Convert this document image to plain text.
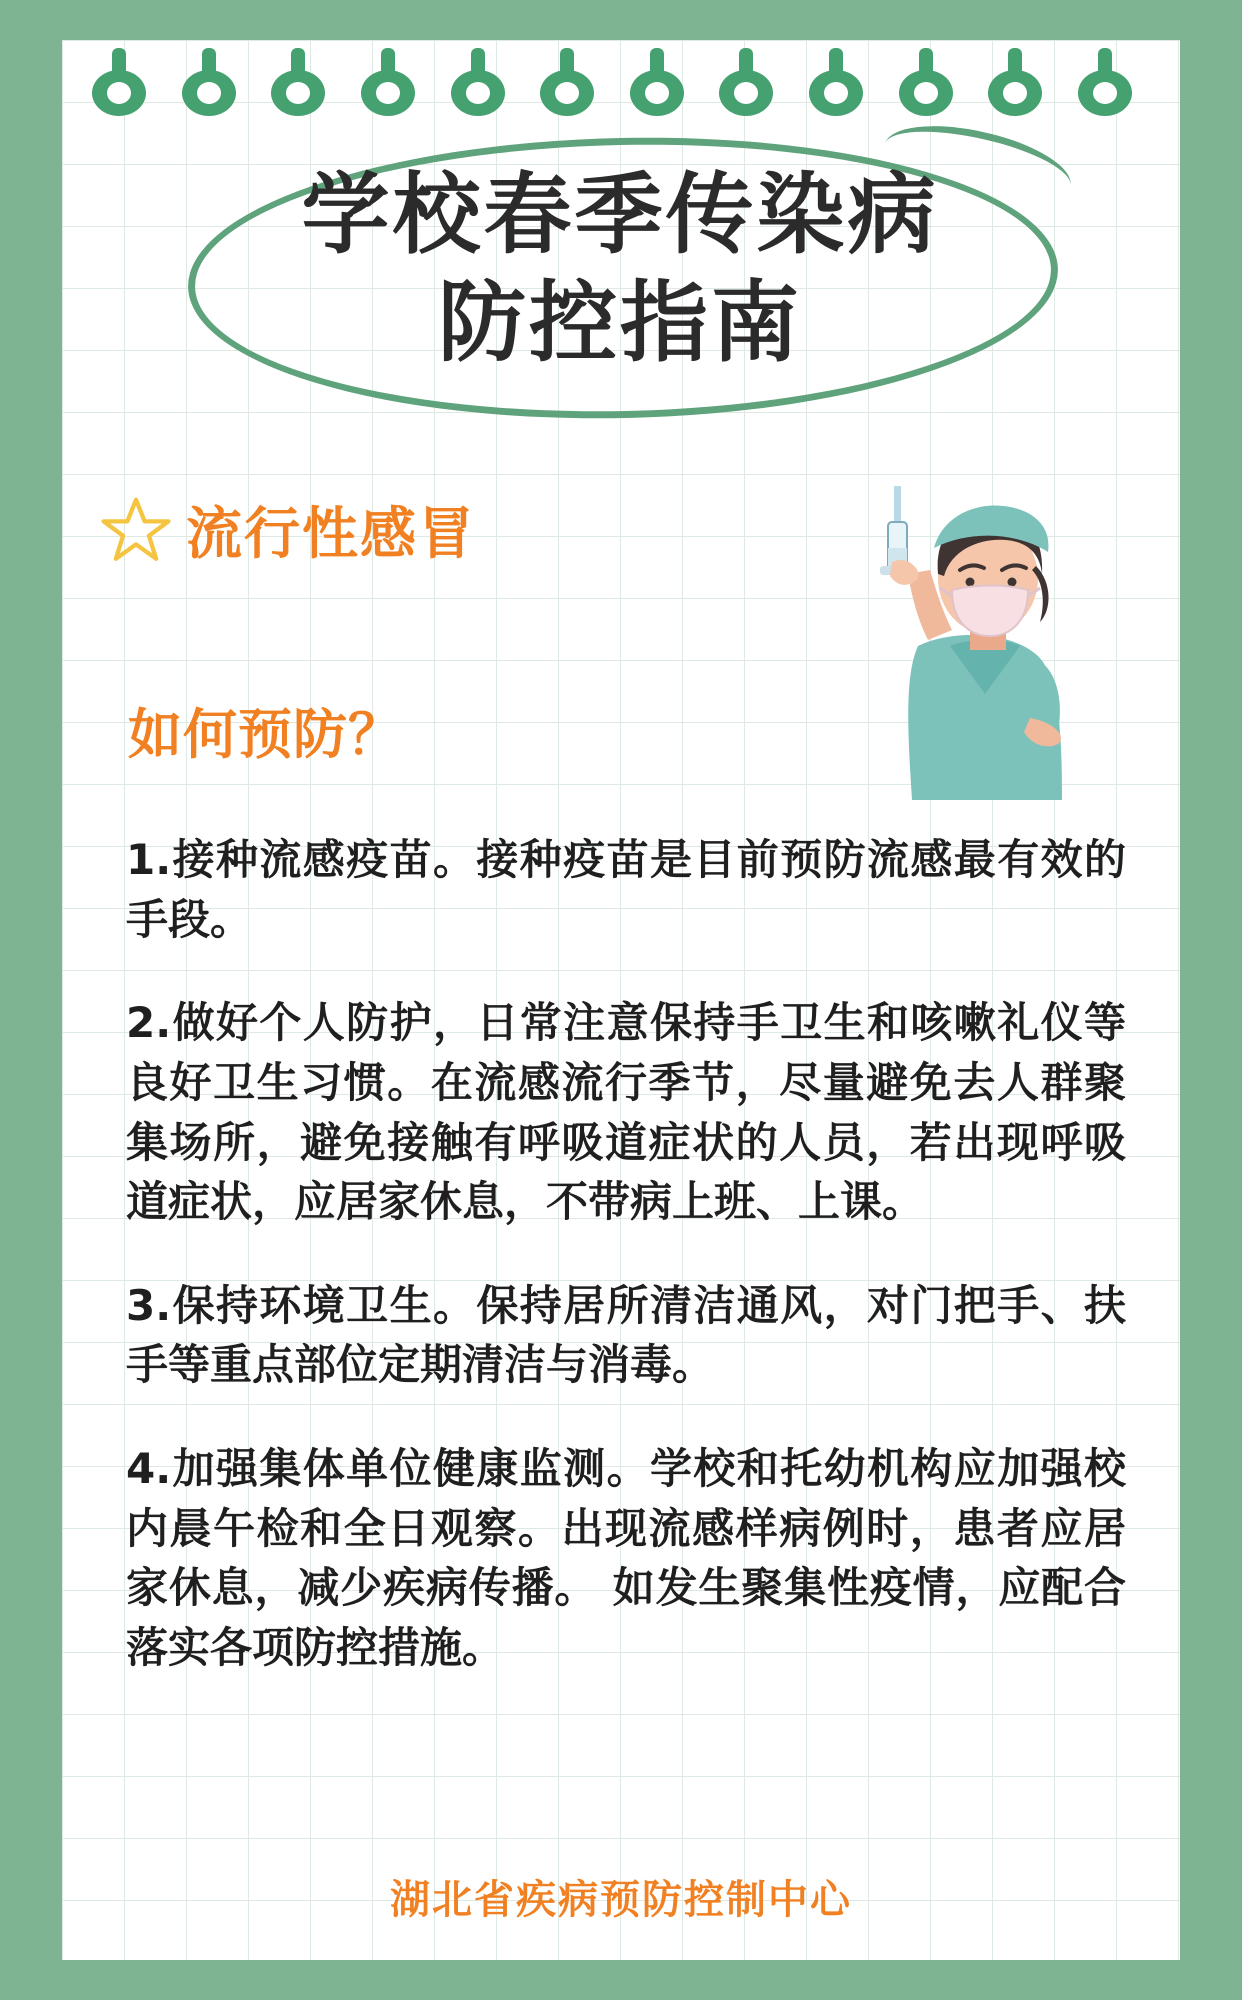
学校春季传染病
防控指南
流行性感冒
如何预防？

1.接种流感疫苗。接种疫苗是目前预防流感最有效的手段。

2.做好个人防护，日常注意保持手卫生和咳嗽礼仪等良好卫生习惯。在流感流行季节，尽量避免去人群聚集场所，避免接触有呼吸道症状的人员，若出现呼吸道症状，应居家休息，不带病上班、上课。

3.保持环境卫生。保持居所清洁通风，对门把手、扶手等重点部位定期清洁与消毒。

4.加强集体单位健康监测。学校和托幼机构应加强校内晨午检和全日观察。出现流感样病例时，患者应居家休息，减少疾病传播。 如发生聚集性疫情，应配合落实各项防控措施。

湖北省疾病预防控制中心
